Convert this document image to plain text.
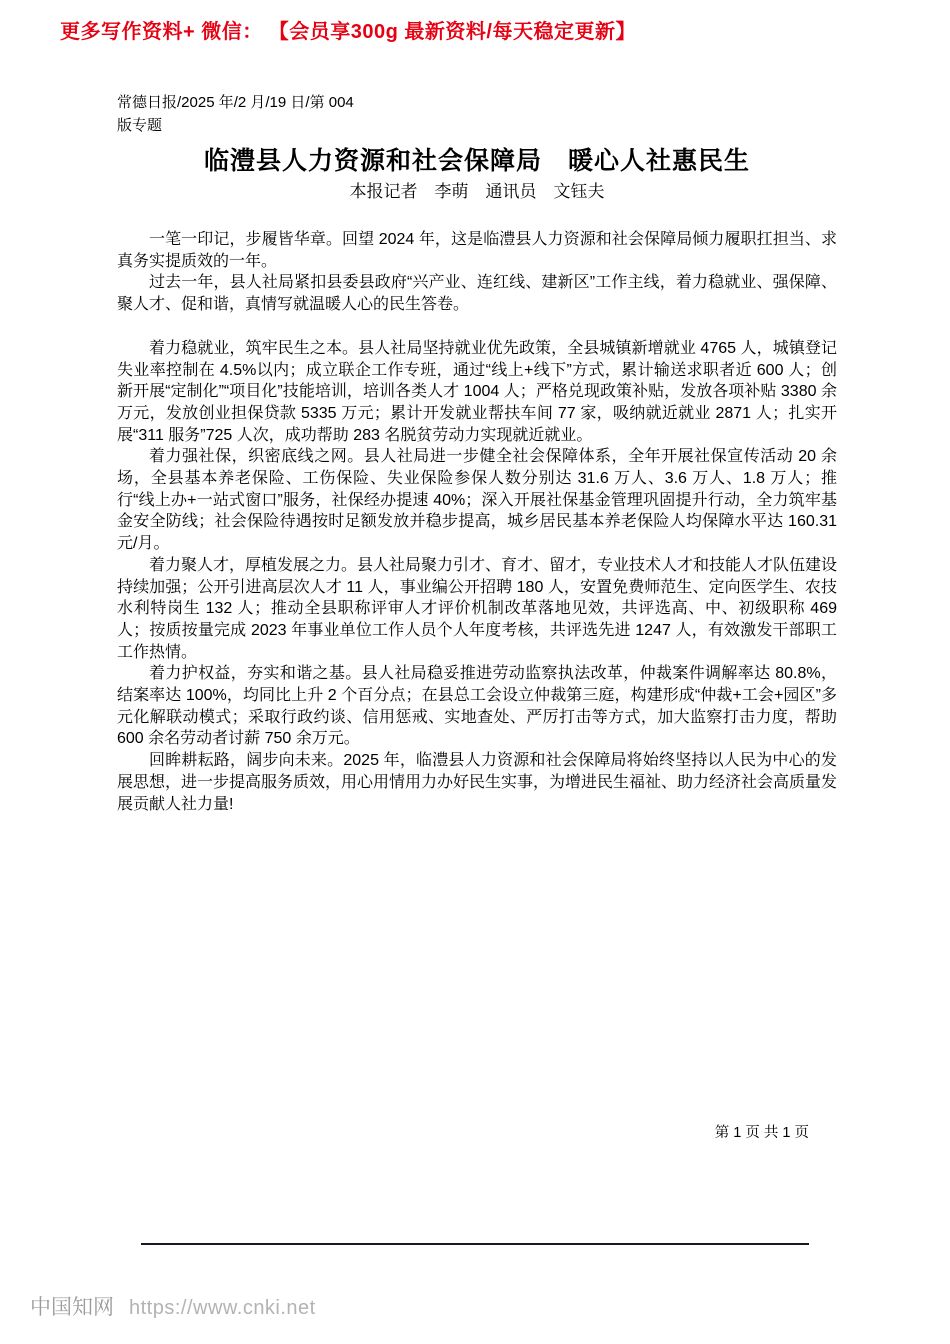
更多写作资料+ 微信： 【会员享300g 最新资料/每天稳定更新】
常德日报/2025 年/2 月/19 日/第 004
版专题
临澧县人力资源和社会保障局　暖心人社惠民生
本报记者　李萌　通讯员　文钰夫

一笔一印记，步履皆华章。回望 2024 年，这是临澧县人力资源和社会保障局倾力履职扛担当、求真务实提质效的一年。

过去一年，县人社局紧扣县委县政府“兴产业、连红线、建新区”工作主线，着力稳就业、强保障、聚人才、促和谐，真情写就温暖人心的民生答卷。

着力稳就业，筑牢民生之本。县人社局坚持就业优先政策，全县城镇新增就业 4765 人，城镇登记失业率控制在 4.5%以内；成立联企工作专班，通过“线上+线下”方式，累计输送求职者近 600 人；创新开展“定制化”“项目化”技能培训，培训各类人才 1004 人；严格兑现政策补贴，发放各项补贴 3380 余万元，发放创业担保贷款 5335 万元；累计开发就业帮扶车间 77 家，吸纳就近就业 2871 人；扎实开展“311 服务”725 人次，成功帮助 283 名脱贫劳动力实现就近就业。

着力强社保，织密底线之网。县人社局进一步健全社会保障体系，全年开展社保宣传活动 20 余场，全县基本养老保险、工伤保险、失业保险参保人数分别达 31.6 万人、3.6 万人、1.8 万人；推行“线上办+一站式窗口”服务，社保经办提速 40%；深入开展社保基金管理巩固提升行动，全力筑牢基金安全防线；社会保险待遇按时足额发放并稳步提高，城乡居民基本养老保险人均保障水平达 160.31 元/月。

着力聚人才，厚植发展之力。县人社局聚力引才、育才、留才，专业技术人才和技能人才队伍建设持续加强；公开引进高层次人才 11 人，事业编公开招聘 180 人，安置免费师范生、定向医学生、农技水利特岗生 132 人；推动全县职称评审人才评价机制改革落地见效，共评选高、中、初级职称 469 人；按质按量完成 2023 年事业单位工作人员个人年度考核，共评选先进 1247 人，有效激发干部职工工作热情。

着力护权益，夯实和谐之基。县人社局稳妥推进劳动监察执法改革，仲裁案件调解率达 80.8%，结案率达 100%，均同比上升 2 个百分点；在县总工会设立仲裁第三庭，构建形成“仲裁+工会+园区”多元化解联动模式；采取行政约谈、信用惩戒、实地查处、严厉打击等方式，加大监察打击力度，帮助 600 余名劳动者讨薪 750 余万元。

回眸耕耘路，阔步向未来。2025 年，临澧县人力资源和社会保障局将始终坚持以人民为中心的发展思想，进一步提高服务质效，用心用情用力办好民生实事，为增进民生福祉、助力经济社会高质量发展贡献人社力量!

第 1 页 共 1 页
中国知网 https://www.cnki.net
